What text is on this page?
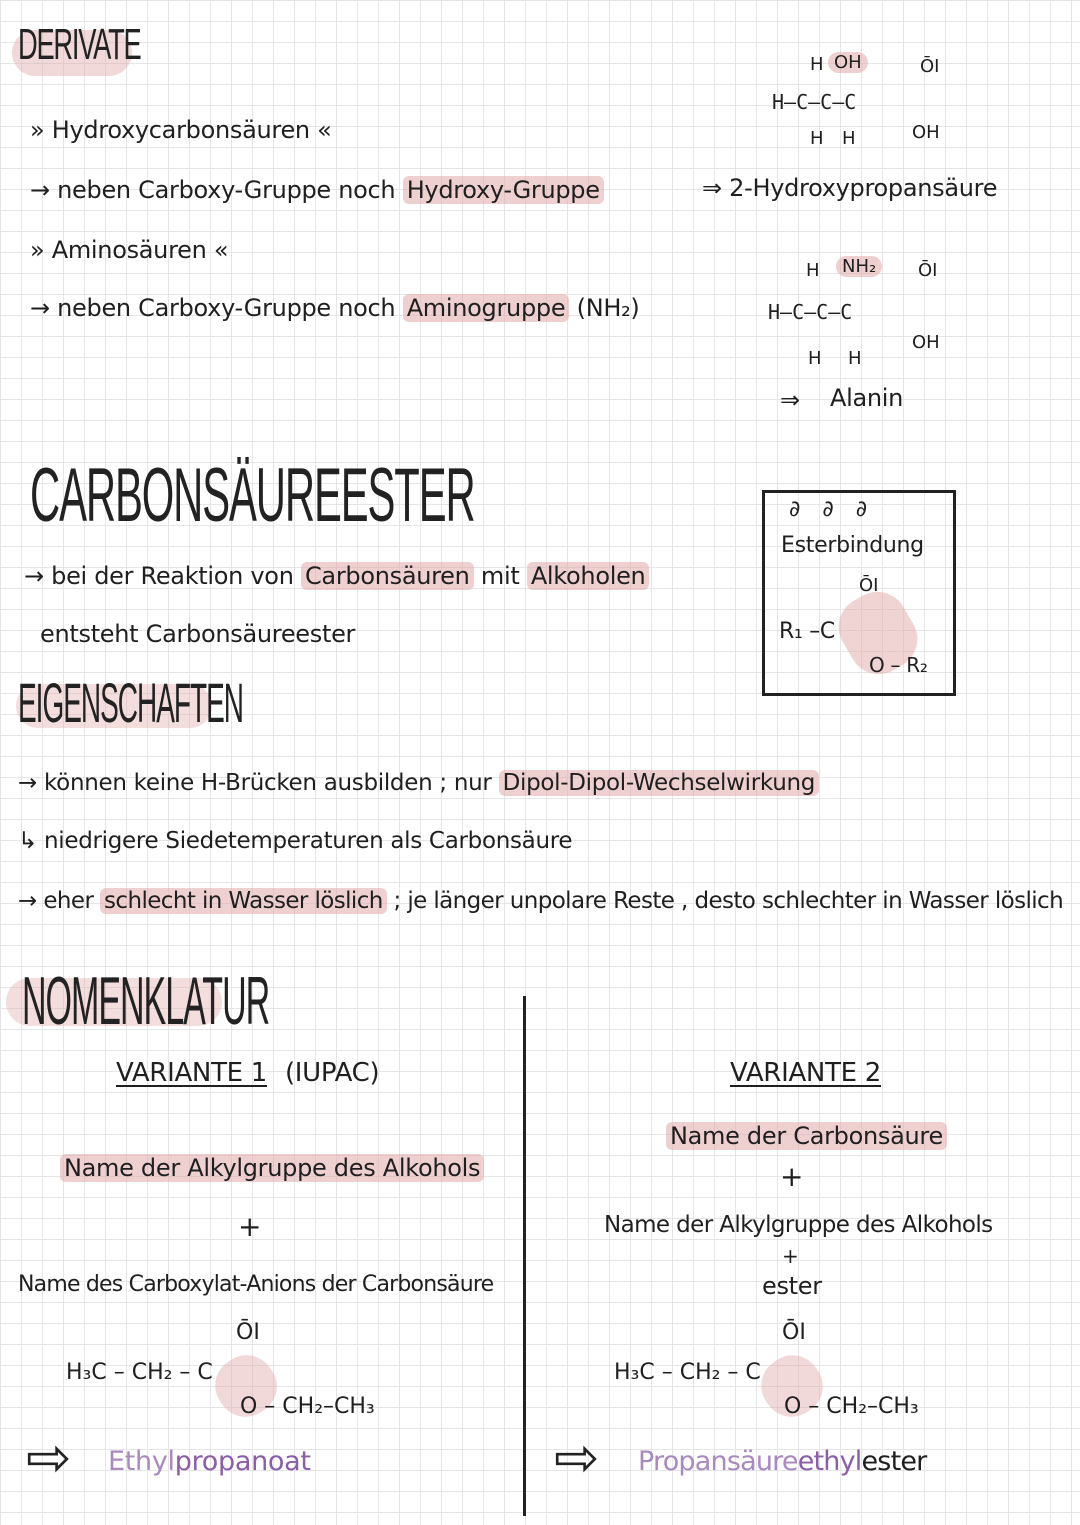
DERIVATE
» Hydroxycarbonsäuren «
→ neben Carboxy-Gruppe noch Hydroxy-Gruppe
» Aminosäuren «
→ neben Carboxy-Gruppe noch Aminogruppe (NH₂)
H OH	ŌI
H–C–C–C
H H	OH
⇒ 2-Hydroxypropansäure
H	NH₂	ŌI
H–C–C–C
H H
OH
⇒ Alanin
CARBONSÄUREESTER
→ bei der Reaktion von Carbonsäuren mit Alkoholen
entsteht Carbonsäureester
∂∂∂
Esterbindung
ŌI
R₁ –C
O – R₂
EIGENSCHAFTEN
→ können keine H-Brücken ausbilden ; nur Dipol-Dipol-Wechselwirkung
↳ niedrigere Siedetemperaturen als Carbonsäure
→ eher schlecht in Wasser löslich ; je länger unpolare Reste , desto schlechter in Wasser löslich
NOMENKLATUR
VARIANTE 1 (IUPAC)
Name der Alkylgruppe des Alkohols
+
Name des Carboxylat-Anions der Carbonsäure
ŌI
H₃C – CH₂ – C
O – CH₂–CH₃
⇨ Ethylpropanoat
VARIANTE 2
Name der Carbonsäure
+
Name der Alkylgruppe des Alkohols
+
ester
ŌI
H₃C – CH₂ – C
O – CH₂–CH₃
⇨ Propansäureethylester
